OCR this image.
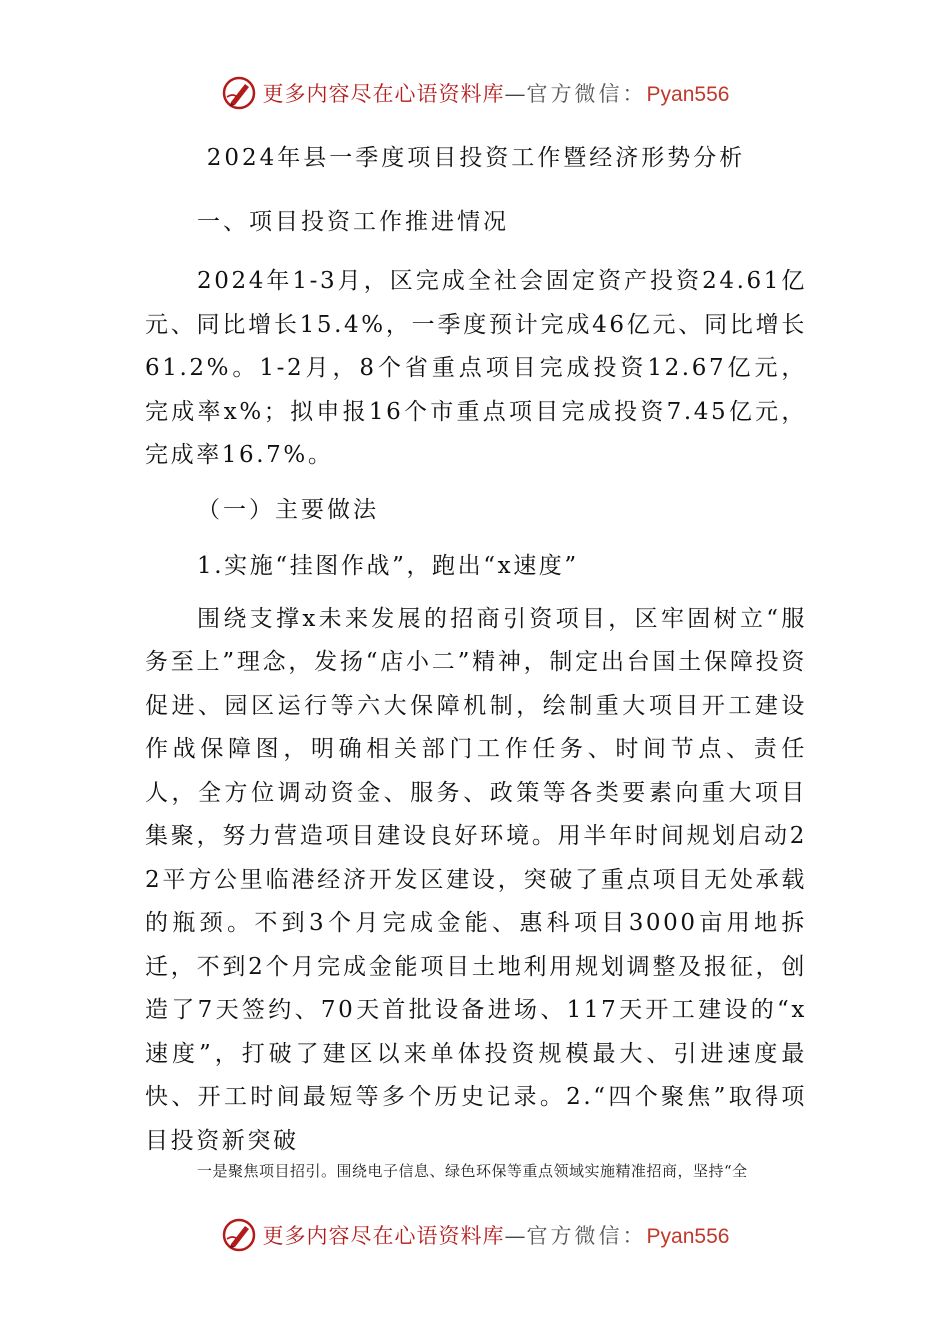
更多内容尽在心语资料库—官方微信：Pyan556
2024年县一季度项目投资工作暨经济形势分析
一、项目投资工作推进情况

2024年1-3月，区完成全社会固定资产投资24.61亿元、同比增长15.4%，一季度预计完成46亿元、同比增长61.2%。1-2月，8个省重点项目完成投资12.67亿元，完成率x%；拟申报16个市重点项目完成投资7.45亿元，完成率16.7%。

（一）主要做法
1.实施“挂图作战”，跑出“x速度”

围绕支撑x未来发展的招商引资项目，区牢固树立“服务至上”理念，发扬“店小二”精神，制定出台国土保障投资促进、园区运行等六大保障机制，绘制重大项目开工建设作战保障图，明确相关部门工作任务、时间节点、责任人，全方位调动资金、服务、政策等各类要素向重大项目集聚，努力营造项目建设良好环境。用半年时间规划启动22平方公里临港经济开发区建设，突破了重点项目无处承载的瓶颈。不到3个月完成金能、惠科项目3000亩用地拆迁，不到2个月完成金能项目土地利用规划调整及报征，创造了7天签约、70天首批设备进场、117天开工建设的“x速度”，打破了建区以来单体投资规模最大、引进速度最快、开工时间最短等多个历史记录。2.“四个聚焦”取得项目投资新突破

一是聚焦项目招引。围绕电子信息、绿色环保等重点领域实施精准招商，坚持“全
更多内容尽在心语资料库—官方微信：Pyan556
